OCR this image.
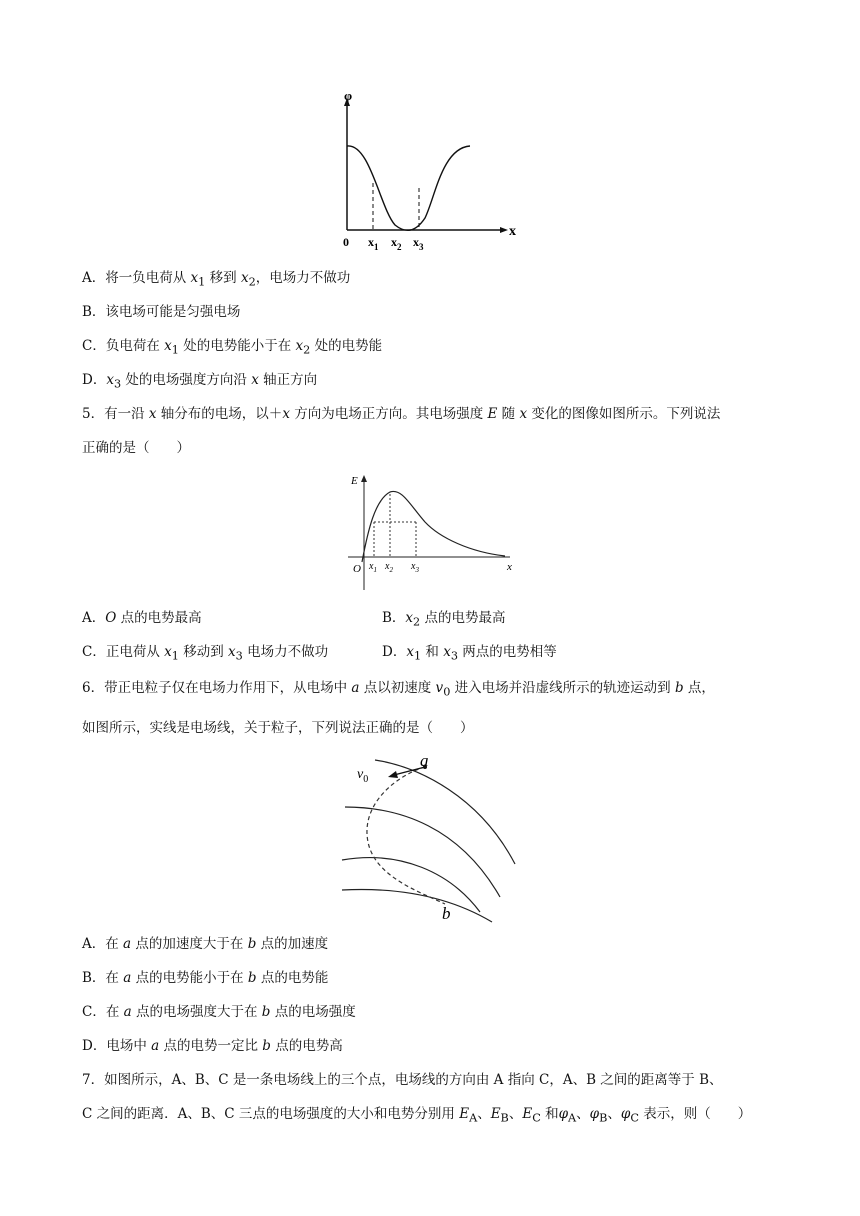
φ
x
0 $x_1$ $x_2$ $x_3$
A．将一负电荷从 $x_1$ 移到 $x_2$，电场力不做功
B．该电场可能是匀强电场
C．负电荷在 $x_1$ 处的电势能小于在 $x_2$ 处的电势能
D．$x_3$ 处的电场强度方向沿 x 轴正方向
5．有一沿 x 轴分布的电场，以＋x 方向为电场正方向。其电场强度 E 随 x 变化的图像如图所示。下列说法
正确的是（　　）
E
x
O $x_1$ $x_2$ $x_3$
A．O 点的电势最高	B．$x_2$ 点的电势最高
C．正电荷从 $x_1$ 移动到 $x_3$ 电场力不做功	D．$x_1$ 和 $x_3$ 两点的电势相等
6．带正电粒子仅在电场力作用下，从电场中 a 点以初速度 $v_0$ 进入电场并沿虚线所示的轨迹运动到 b 点，
如图所示，实线是电场线，关于粒子，下列说法正确的是（　　）
$v_0$
a
b
A．在 a 点的加速度大于在 b 点的加速度
B．在 a 点的电势能小于在 b 点的电势能
C．在 a 点的电场强度大于在 b 点的电场强度
D．电场中 a 点的电势一定比 b 点的电势高
7．如图所示，A、B、C 是一条电场线上的三个点，电场线的方向由 A 指向 C，A、B 之间的距离等于 B、
C 之间的距离．A、B、C 三点的电场强度的大小和电势分别用 $E_A$、$E_B$、$E_C$ 和$\varphi_A$、$\varphi_B$、$\varphi_C$ 表示，则（　　）
